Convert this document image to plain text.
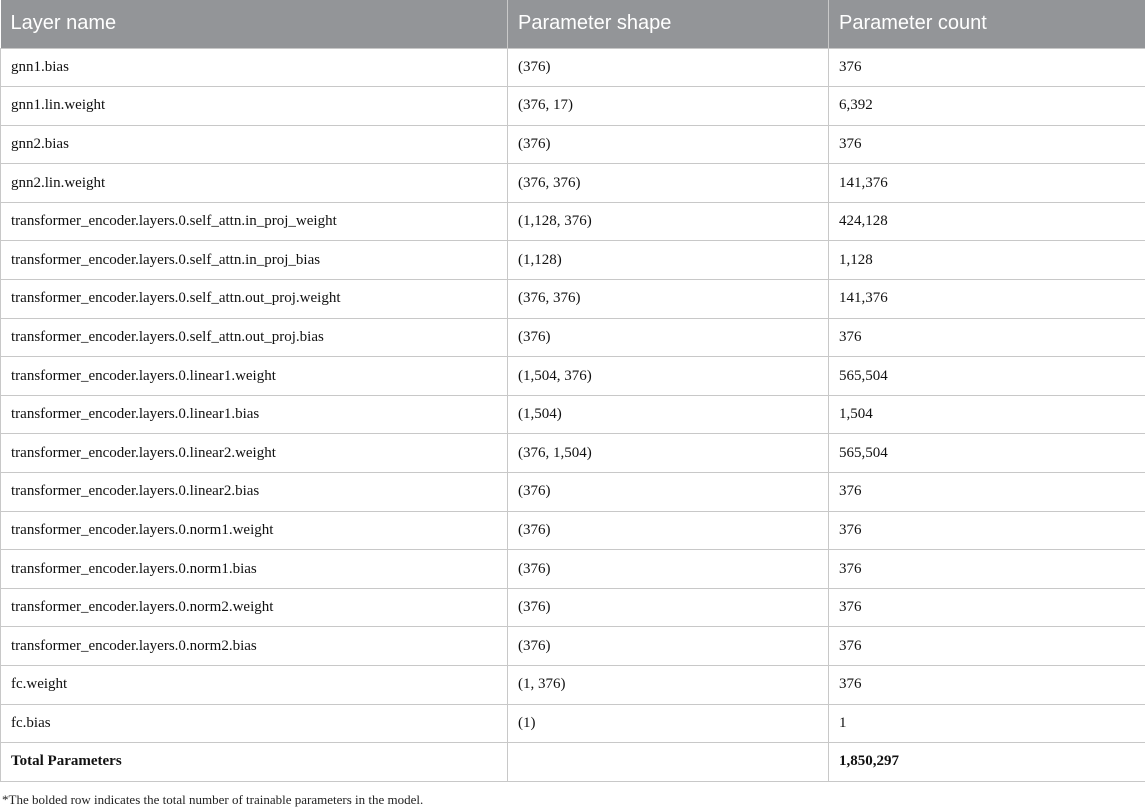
Layer name	Parameter shape	Parameter count
gnn1.bias	(376)	376
gnn1.lin.weight	(376, 17)	6,392
gnn2.bias	(376)	376
gnn2.lin.weight	(376, 376)	141,376
transformer_encoder.layers.0.self_attn.in_proj_weight	(1,128, 376)	424,128
transformer_encoder.layers.0.self_attn.in_proj_bias	(1,128)	1,128
transformer_encoder.layers.0.self_attn.out_proj.weight	(376, 376)	141,376
transformer_encoder.layers.0.self_attn.out_proj.bias	(376)	376
transformer_encoder.layers.0.linear1.weight	(1,504, 376)	565,504
transformer_encoder.layers.0.linear1.bias	(1,504)	1,504
transformer_encoder.layers.0.linear2.weight	(376, 1,504)	565,504
transformer_encoder.layers.0.linear2.bias	(376)	376
transformer_encoder.layers.0.norm1.weight	(376)	376
transformer_encoder.layers.0.norm1.bias	(376)	376
transformer_encoder.layers.0.norm2.weight	(376)	376
transformer_encoder.layers.0.norm2.bias	(376)	376
fc.weight	(1, 376)	376
fc.bias	(1)	1
Total Parameters		1,850,297
*The bolded row indicates the total number of trainable parameters in the model.
